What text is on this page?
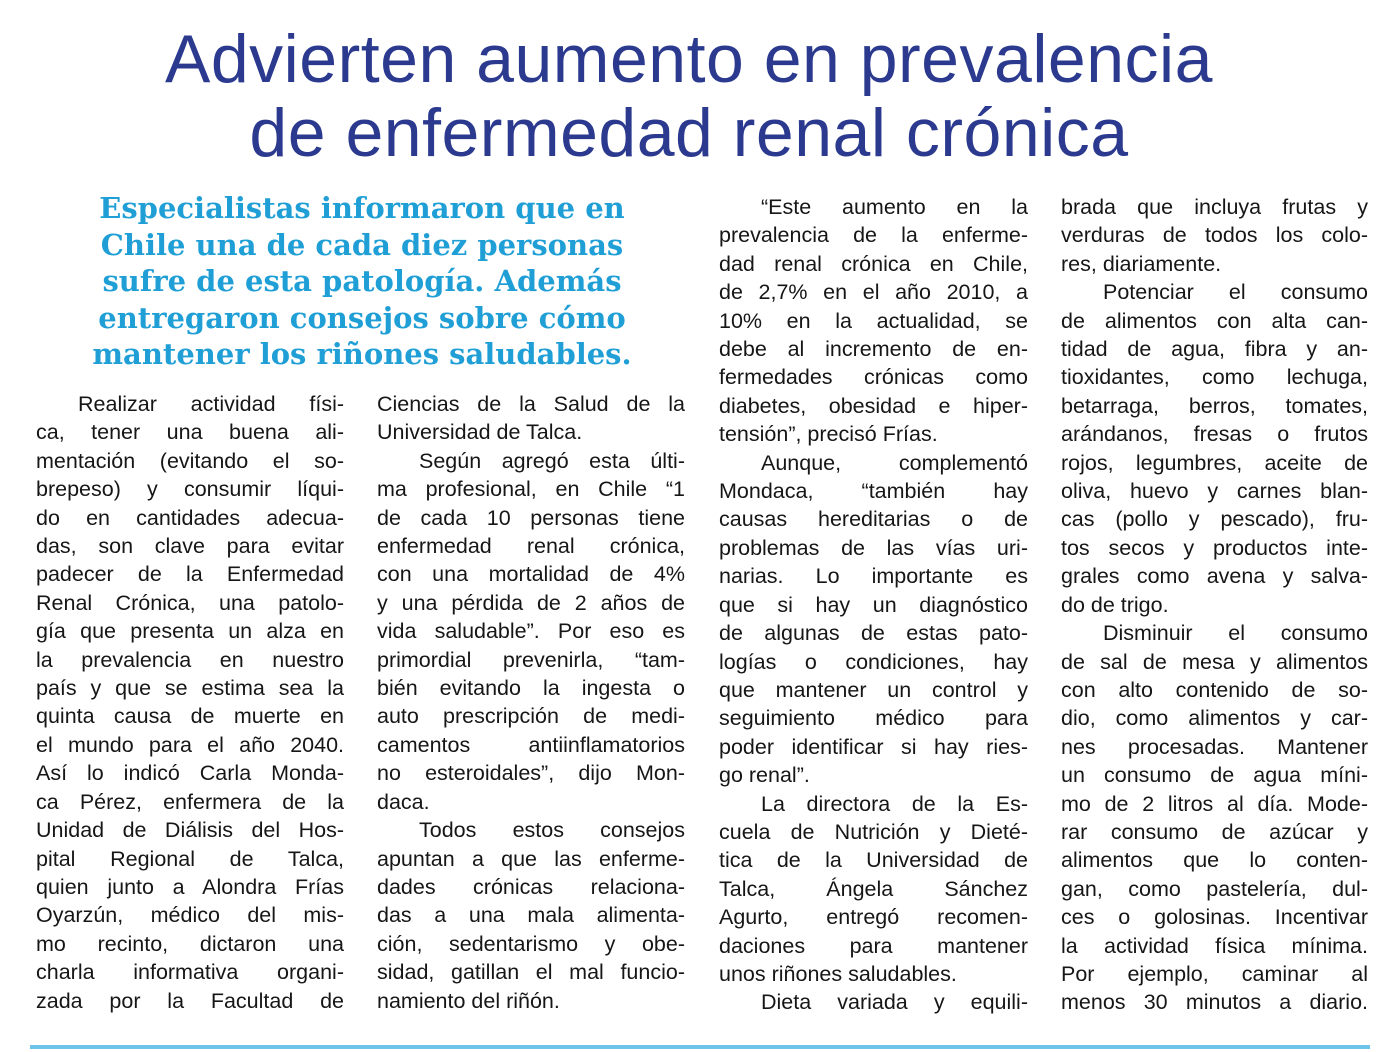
Advierten aumento en prevalencia
de enfermedad renal crónica
Especialistas informaron que en
Chile una de cada diez personas
sufre de esta patología. Además
entregaron consejos sobre cómo
mantener los riñones saludables.
Realizar actividad físi-
ca, tener una buena ali-
mentación (evitando el so-
brepeso) y consumir líqui-
do en cantidades adecua-
das, son clave para evitar
padecer de la Enfermedad
Renal Crónica, una patolo-
gía que presenta un alza en
la prevalencia en nuestro
país y que se estima sea la
quinta causa de muerte en
el mundo para el año 2040.
Así lo indicó Carla Monda-
ca Pérez, enfermera de la
Unidad de Diálisis del Hos-
pital Regional de Talca,
quien junto a Alondra Frías
Oyarzún, médico del mis-
mo recinto, dictaron una
charla informativa organi-
zada por la Facultad de
Ciencias de la Salud de la
Universidad de Talca.
Según agregó esta últi-
ma profesional, en Chile “1
de cada 10 personas tiene
enfermedad renal crónica,
con una mortalidad de 4%
y una pérdida de 2 años de
vida saludable”. Por eso es
primordial prevenirla, “tam-
bién evitando la ingesta o
auto prescripción de medi-
camentos antiinflamatorios
no esteroidales”, dijo Mon-
daca.
Todos estos consejos
apuntan a que las enferme-
dades crónicas relaciona-
das a una mala alimenta-
ción, sedentarismo y obe-
sidad, gatillan el mal funcio-
namiento del riñón.
“Este aumento en la
prevalencia de la enferme-
dad renal crónica en Chile,
de 2,7% en el año 2010, a
10% en la actualidad, se
debe al incremento de en-
fermedades crónicas como
diabetes, obesidad e hiper-
tensión”, precisó Frías.
Aunque, complementó
Mondaca, “también hay
causas hereditarias o de
problemas de las vías uri-
narias. Lo importante es
que si hay un diagnóstico
de algunas de estas pato-
logías o condiciones, hay
que mantener un control y
seguimiento médico para
poder identificar si hay ries-
go renal”.
La directora de la Es-
cuela de Nutrición y Dieté-
tica de la Universidad de
Talca, Ángela Sánchez
Agurto, entregó recomen-
daciones para mantener
unos riñones saludables.
Dieta variada y equili-
brada que incluya frutas y
verduras de todos los colo-
res, diariamente.
Potenciar el consumo
de alimentos con alta can-
tidad de agua, fibra y an-
tioxidantes, como lechuga,
betarraga, berros, tomates,
arándanos, fresas o frutos
rojos, legumbres, aceite de
oliva, huevo y carnes blan-
cas (pollo y pescado), fru-
tos secos y productos inte-
grales como avena y salva-
do de trigo.
Disminuir el consumo
de sal de mesa y alimentos
con alto contenido de so-
dio, como alimentos y car-
nes procesadas. Mantener
un consumo de agua míni-
mo de 2 litros al día. Mode-
rar consumo de azúcar y
alimentos que lo conten-
gan, como pastelería, dul-
ces o golosinas. Incentivar
la actividad física mínima.
Por ejemplo, caminar al
menos 30 minutos a diario.
